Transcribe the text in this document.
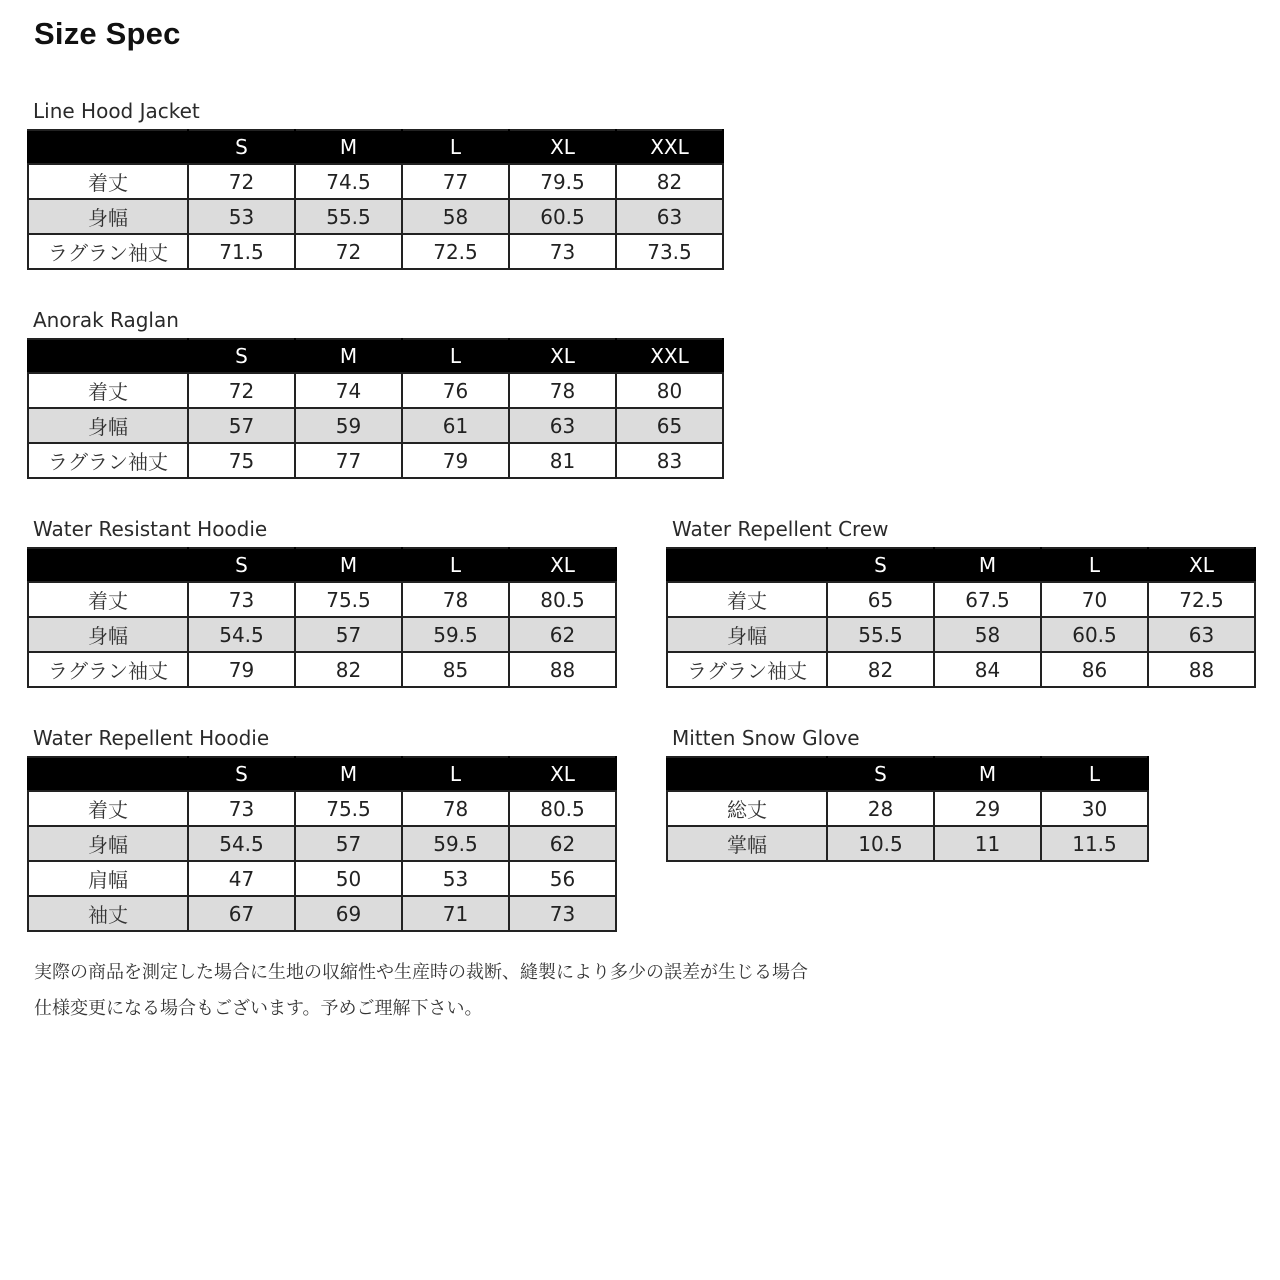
Size Spec
Line Hood Jacket
	S	M	L	XL	XXL
着丈	72	74.5	77	79.5	82
身幅	53	55.5	58	60.5	63
ラグラン袖丈	71.5	72	72.5	73	73.5
Anorak Raglan
	S	M	L	XL	XXL
着丈	72	74	76	78	80
身幅	57	59	61	63	65
ラグラン袖丈	75	77	79	81	83
Water Resistant Hoodie
	S	M	L	XL
着丈	73	75.5	78	80.5
身幅	54.5	57	59.5	62
ラグラン袖丈	79	82	85	88
Water Repellent Crew
	S	M	L	XL
着丈	65	67.5	70	72.5
身幅	55.5	58	60.5	63
ラグラン袖丈	82	84	86	88
Water Repellent Hoodie
	S	M	L	XL
着丈	73	75.5	78	80.5
身幅	54.5	57	59.5	62
肩幅	47	50	53	56
袖丈	67	69	71	73
Mitten Snow Glove
	S	M	L
総丈	28	29	30
掌幅	10.5	11	11.5
実際の商品を測定した場合に生地の収縮性や生産時の裁断、縫製により多少の誤差が生じる場合
仕様変更になる場合もございます。予めご理解下さい。
